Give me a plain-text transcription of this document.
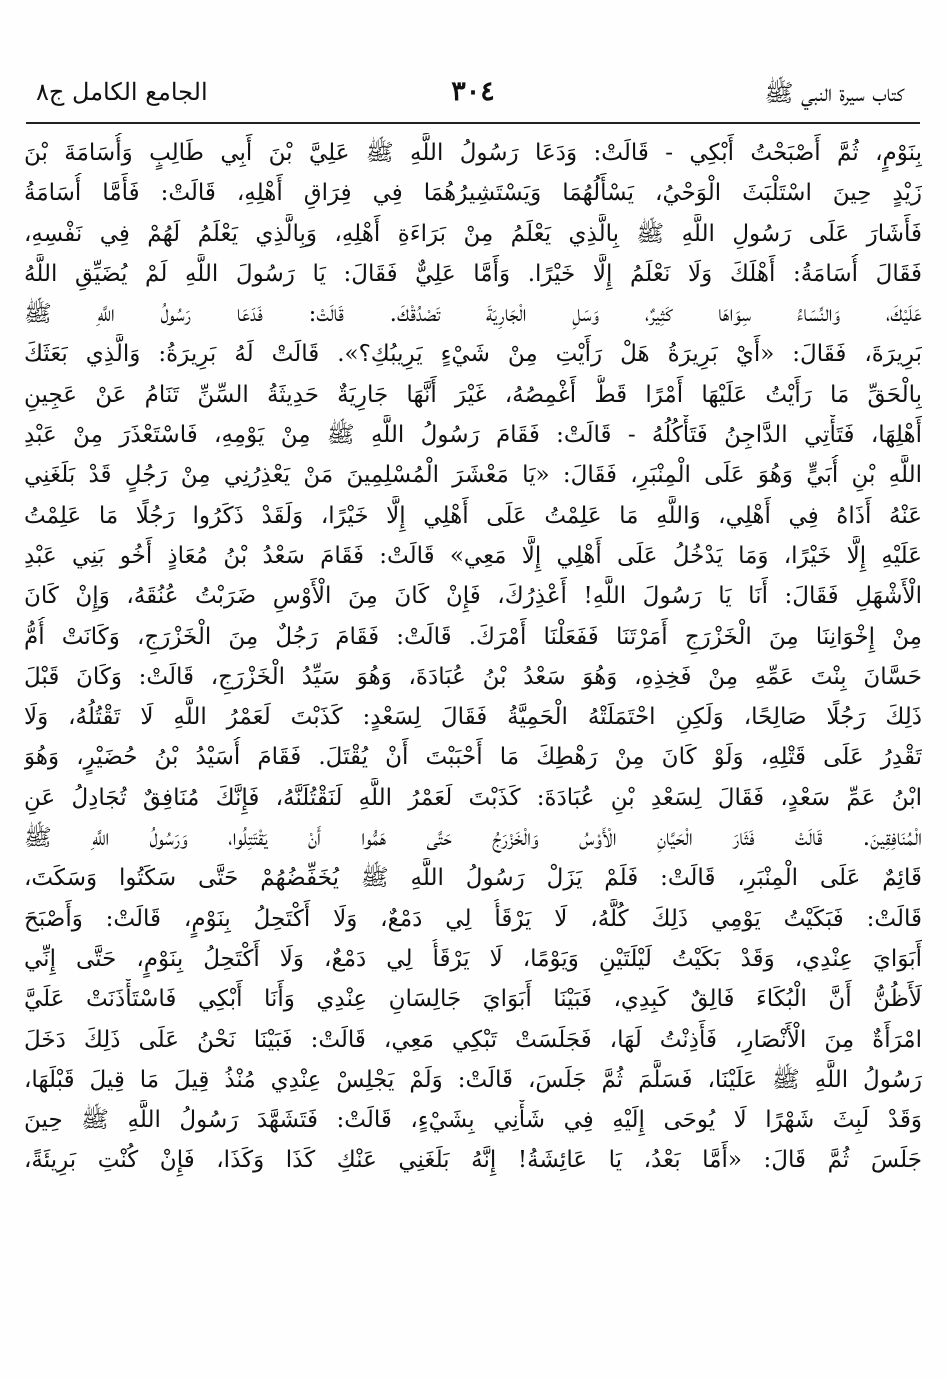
كتاب سيرة النبي ﷺ
٣٠٤
الجامع الكامل ج٨
بِنَوْمٍ، ثُمَّ أَصْبَحْتُ أَبْكِي - قَالَتْ: وَدَعَا رَسُولُ اللَّهِ ﷺ عَلِيَّ بْنَ أَبِي طَالِبٍ وَأُسَامَةَ بْنَ
زَيْدٍ حِينَ اسْتَلْبَثَ الْوَحْيُ، يَسْأَلُهُمَا وَيَسْتَشِيرُهُمَا فِي فِرَاقِ أَهْلِهِ، قَالَتْ: فَأَمَّا أُسَامَةُ
فَأَشَارَ عَلَى رَسُولِ اللَّهِ ﷺ بِالَّذِي يَعْلَمُ مِنْ بَرَاءَةِ أَهْلِهِ، وَبِالَّذِي يَعْلَمُ لَهُمْ فِي نَفْسِهِ،
فَقَالَ أُسَامَةُ: أَهْلَكَ وَلَا نَعْلَمُ إِلَّا خَيْرًا. وَأَمَّا عَلِيٌّ فَقَالَ: يَا رَسُولَ اللَّهِ لَمْ يُضَيِّقِ اللَّهُ
عَلَيْكَ، وَالنِّسَاءُ سِوَاهَا كَثِيرٌ، وَسَلِ الْجَارِيَةَ تَصْدُقْكَ. قَالَتْ: فَدَعَا رَسُولُ اللَّهِ ﷺ
بَرِيرَةَ، فَقَالَ: «أَيْ بَرِيرَةُ هَلْ رَأَيْتِ مِنْ شَيْءٍ يَرِيبُكِ؟». قَالَتْ لَهُ بَرِيرَةُ: وَالَّذِي بَعَثَكَ
بِالْحَقِّ مَا رَأَيْتُ عَلَيْهَا أَمْرًا قَطُّ أَغْمِصُهُ، غَيْرَ أَنَّهَا جَارِيَةٌ حَدِيثَةُ السِّنِّ تَنَامُ عَنْ عَجِينِ
أَهْلِهَا، فَتَأْتِي الدَّاجِنُ فَتَأْكُلُهُ - قَالَتْ: فَقَامَ رَسُولُ اللَّهِ ﷺ مِنْ يَوْمِهِ، فَاسْتَعْذَرَ مِنْ عَبْدِ
اللَّهِ بْنِ أُبَيٍّ وَهُوَ عَلَى الْمِنْبَرِ، فَقَالَ: «يَا مَعْشَرَ الْمُسْلِمِينَ مَنْ يَعْذِرُنِي مِنْ رَجُلٍ قَدْ بَلَغَنِي
عَنْهُ أَذَاهُ فِي أَهْلِي، وَاللَّهِ مَا عَلِمْتُ عَلَى أَهْلِي إِلَّا خَيْرًا، وَلَقَدْ ذَكَرُوا رَجُلًا مَا عَلِمْتُ
عَلَيْهِ إِلَّا خَيْرًا، وَمَا يَدْخُلُ عَلَى أَهْلِي إِلَّا مَعِي» قَالَتْ: فَقَامَ سَعْدُ بْنُ مُعَاذٍ أَخُو بَنِي عَبْدِ
الْأَشْهَلِ فَقَالَ: أَنَا يَا رَسُولَ اللَّهِ! أَعْذِرُكَ، فَإِنْ كَانَ مِنَ الْأَوْسِ ضَرَبْتُ عُنُقَهُ، وَإِنْ كَانَ
مِنْ إِخْوَانِنَا مِنَ الْخَزْرَجِ أَمَرْتَنَا فَفَعَلْنَا أَمْرَكَ. قَالَتْ: فَقَامَ رَجُلٌ مِنَ الْخَزْرَجِ، وَكَانَتْ أُمُّ
حَسَّانَ بِنْتَ عَمِّهِ مِنْ فَخِذِهِ، وَهُوَ سَعْدُ بْنُ عُبَادَةَ، وَهُوَ سَيِّدُ الْخَزْرَجِ، قَالَتْ: وَكَانَ قَبْلَ
ذَلِكَ رَجُلًا صَالِحًا، وَلَكِنِ احْتَمَلَتْهُ الْحَمِيَّةُ فَقَالَ لِسَعْدٍ: كَذَبْتَ لَعَمْرُ اللَّهِ لَا تَقْتُلُهُ، وَلَا
تَقْدِرُ عَلَى قَتْلِهِ، وَلَوْ كَانَ مِنْ رَهْطِكَ مَا أَحْبَبْتَ أَنْ يُقْتَلَ. فَقَامَ أُسَيْدُ بْنُ حُضَيْرٍ، وَهُوَ
ابْنُ عَمِّ سَعْدٍ، فَقَالَ لِسَعْدِ بْنِ عُبَادَةَ: كَذَبْتَ لَعَمْرُ اللَّهِ لَنَقْتُلَنَّهُ، فَإِنَّكَ مُنَافِقٌ تُجَادِلُ عَنِ
الْمُنَافِقِينَ. قَالَتْ فَثَارَ الْحَيَّانِ الْأَوْسُ وَالْخَزْرَجُ حَتَّى هَمُّوا أَنْ يَقْتَتِلُوا، وَرَسُولُ اللَّهِ ﷺ
قَائِمٌ عَلَى الْمِنْبَرِ، قَالَتْ: فَلَمْ يَزَلْ رَسُولُ اللَّهِ ﷺ يُخَفِّضُهُمْ حَتَّى سَكَتُوا وَسَكَتَ،
قَالَتْ: فَبَكَيْتُ يَوْمِي ذَلِكَ كُلَّهُ، لَا يَرْقَأُ لِي دَمْعٌ، وَلَا أَكْتَحِلُ بِنَوْمٍ، قَالَتْ: وَأَصْبَحَ
أَبَوَايَ عِنْدِي، وَقَدْ بَكَيْتُ لَيْلَتَيْنِ وَيَوْمًا، لَا يَرْقَأُ لِي دَمْعٌ، وَلَا أَكْتَحِلُ بِنَوْمٍ، حَتَّى إِنِّي
لَأَظُنُّ أَنَّ الْبُكَاءَ فَالِقٌ كَبِدِي، فَبَيْنَا أَبَوَايَ جَالِسَانِ عِنْدِي وَأَنَا أَبْكِي فَاسْتَأْذَنَتْ عَلَيَّ
امْرَأَةٌ مِنَ الْأَنْصَارِ، فَأَذِنْتُ لَهَا، فَجَلَسَتْ تَبْكِي مَعِي، قَالَتْ: فَبَيْنَا نَحْنُ عَلَى ذَلِكَ دَخَلَ
رَسُولُ اللَّهِ ﷺ عَلَيْنَا، فَسَلَّمَ ثُمَّ جَلَسَ، قَالَتْ: وَلَمْ يَجْلِسْ عِنْدِي مُنْذُ قِيلَ مَا قِيلَ قَبْلَهَا،
وَقَدْ لَبِثَ شَهْرًا لَا يُوحَى إِلَيْهِ فِي شَأْنِي بِشَيْءٍ، قَالَتْ: فَتَشَهَّدَ رَسُولُ اللَّهِ ﷺ حِينَ
جَلَسَ ثُمَّ قَالَ: «أَمَّا بَعْدُ، يَا عَائِشَةُ! إِنَّهُ بَلَغَنِي عَنْكِ كَذَا وَكَذَا، فَإِنْ كُنْتِ بَرِيئَةً،
